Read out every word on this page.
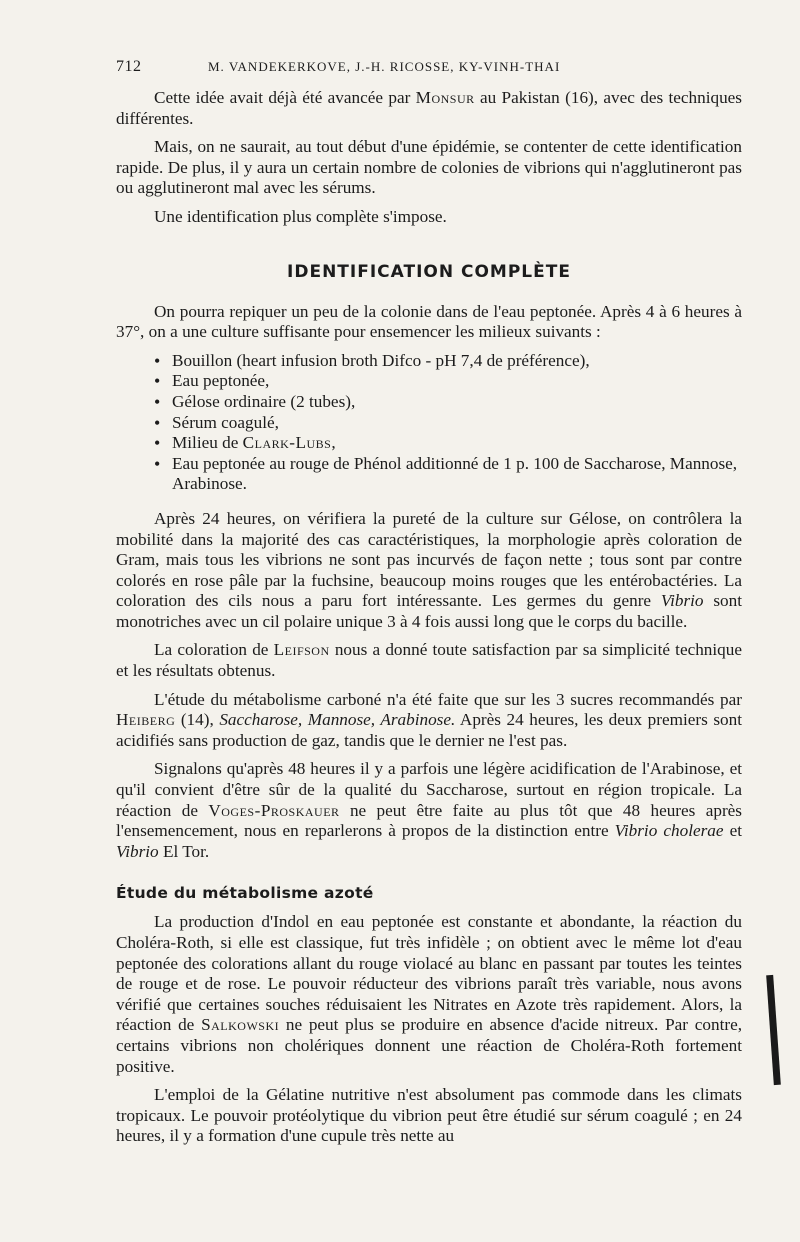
712	M. VANDEKERKOVE, J.-H. RICOSSE, KY-VINH-THAI

Cette idée avait déjà été avancée par Monsur au Pakistan (16), avec des techniques différentes.

Mais, on ne saurait, au tout début d'une épidémie, se contenter de cette identification rapide. De plus, il y aura un certain nombre de colonies de vibrions qui n'agglutineront pas ou agglutineront mal avec les sérums.

Une identification plus complète s'impose.

IDENTIFICATION COMPLÈTE

On pourra repiquer un peu de la colonie dans de l'eau peptonée. Après 4 à 6 heures à 37°, on a une culture suffisante pour ensemencer les milieux suivants :

• Bouillon (heart infusion broth Difco - pH 7,4 de préférence),
• Eau peptonée,
• Gélose ordinaire (2 tubes),
• Sérum coagulé,
• Milieu de Clark-Lubs,
• Eau peptonée au rouge de Phénol additionné de 1 p. 100 de Saccharose, Mannose, Arabinose.

Après 24 heures, on vérifiera la pureté de la culture sur Gélose, on contrôlera la mobilité dans la majorité des cas caractéristiques, la morphologie après coloration de Gram, mais tous les vibrions ne sont pas incurvés de façon nette ; tous sont par contre colorés en rose pâle par la fuchsine, beaucoup moins rouges que les entérobactéries. La coloration des cils nous a paru fort intéressante. Les germes du genre Vibrio sont monotriches avec un cil polaire unique 3 à 4 fois aussi long que le corps du bacille.

La coloration de Leifson nous a donné toute satisfaction par sa simplicité technique et les résultats obtenus.

L'étude du métabolisme carboné n'a été faite que sur les 3 sucres recommandés par Heiberg (14), Saccharose, Mannose, Arabinose. Après 24 heures, les deux premiers sont acidifiés sans production de gaz, tandis que le dernier ne l'est pas.

Signalons qu'après 48 heures il y a parfois une légère acidification de l'Arabinose, et qu'il convient d'être sûr de la qualité du Saccharose, surtout en région tropicale. La réaction de Voges-Proskauer ne peut être faite au plus tôt que 48 heures après l'ensemencement, nous en reparlerons à propos de la distinction entre Vibrio cholerae et Vibrio El Tor.

Étude du métabolisme azoté

La production d'Indol en eau peptonée est constante et abondante, la réaction du Choléra-Roth, si elle est classique, fut très infidèle ; on obtient avec le même lot d'eau peptonée des colorations allant du rouge violacé au blanc en passant par toutes les teintes de rouge et de rose. Le pouvoir réducteur des vibrions paraît très variable, nous avons vérifié que certaines souches réduisaient les Nitrates en Azote très rapidement. Alors, la réaction de Salkowski ne peut plus se produire en absence d'acide nitreux. Par contre, certains vibrions non cholériques donnent une réaction de Choléra-Roth fortement positive.

L'emploi de la Gélatine nutritive n'est absolument pas commode dans les climats tropicaux. Le pouvoir protéolytique du vibrion peut être étudié sur sérum coagulé ; en 24 heures, il y a formation d'une cupule très nette au
